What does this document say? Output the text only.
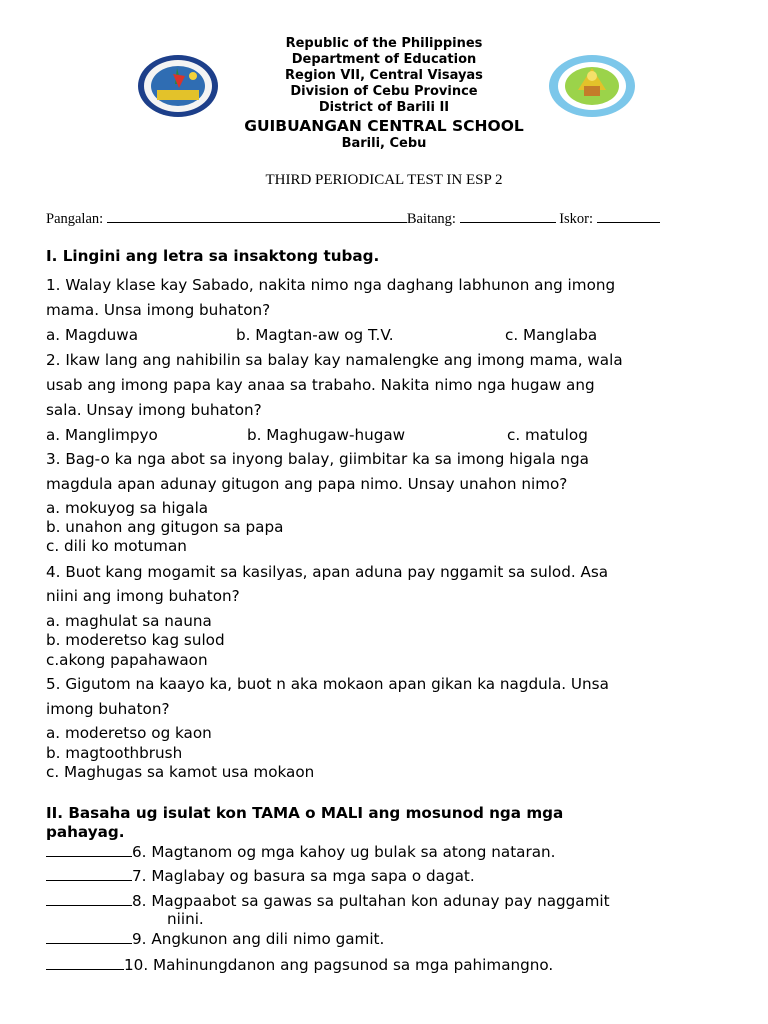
Republic of the Philippines
Department of Education
Region VII, Central Visayas
Division of Cebu Province
District of Barili II
GUIBUANGAN CENTRAL SCHOOL
Barili, Cebu
THIRD PERIODICAL TEST IN ESP 2
Pangalan:	Baitang:	Iskor:
I. Lingini ang letra sa insaktong tubag.
1. Walay klase kay Sabado, nakita nimo nga daghang labhunon ang imong
mama. Unsa imong buhaton?
a. Magduwa	b. Magtan-aw og T.V.	c. Manglaba
2. Ikaw lang ang nahibilin sa balay kay namalengke ang imong mama, wala
usab ang imong papa kay anaa sa trabaho. Nakita nimo nga hugaw ang
sala. Unsay imong buhaton?
a. Manglimpyo	b. Maghugaw-hugaw	c. matulog
3. Bag-o ka nga abot sa inyong balay, giimbitar ka sa imong higala nga
magdula apan adunay gitugon ang papa nimo. Unsay unahon nimo?
a. mokuyog sa higala
b. unahon ang gitugon sa papa
c. dili ko motuman
4. Buot kang mogamit sa kasilyas, apan aduna pay nggamit sa sulod. Asa
niini ang imong buhaton?
a. maghulat sa nauna
b. moderetso kag sulod
c.akong papahawaon
5. Gigutom na kaayo ka, buot n aka mokaon apan gikan ka nagdula. Unsa
imong buhaton?
a. moderetso og kaon
b. magtoothbrush
c. Maghugas sa kamot usa mokaon
II. Basaha ug isulat kon TAMA o MALI ang mosunod nga mga
pahayag.
6. Magtanom og mga kahoy ug bulak sa atong nataran.
7. Maglabay og basura sa mga sapa o dagat.
8. Magpaabot sa gawas sa pultahan kon adunay pay naggamit
niini.
9. Angkunon ang dili nimo gamit.
10. Mahinungdanon ang pagsunod sa mga pahimangno.
